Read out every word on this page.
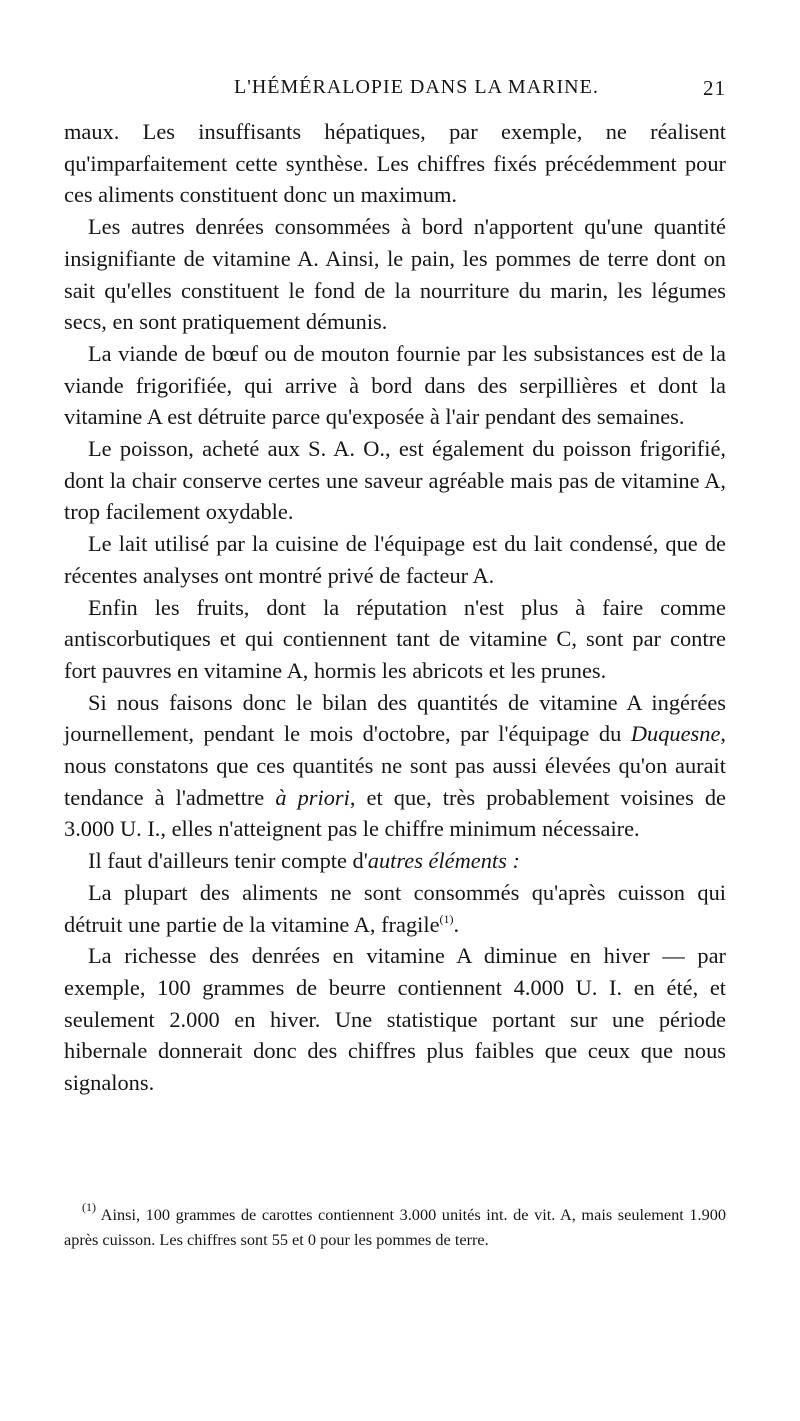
L'HÉMÉRALOPIE DANS LA MARINE.	21

maux. Les insuffisants hépatiques, par exemple, ne réalisent qu'imparfaitement cette synthèse. Les chiffres fixés précédemment pour ces aliments constituent donc un maximum.

Les autres denrées consommées à bord n'apportent qu'une quantité insignifiante de vitamine A. Ainsi, le pain, les pommes de terre dont on sait qu'elles constituent le fond de la nourriture du marin, les légumes secs, en sont pratiquement démunis.

La viande de bœuf ou de mouton fournie par les subsistances est de la viande frigorifiée, qui arrive à bord dans des serpillières et dont la vitamine A est détruite parce qu'exposée à l'air pendant des semaines.

Le poisson, acheté aux S. A. O., est également du poisson frigorifié, dont la chair conserve certes une saveur agréable mais pas de vitamine A, trop facilement oxydable.

Le lait utilisé par la cuisine de l'équipage est du lait condensé, que de récentes analyses ont montré privé de facteur A.

Enfin les fruits, dont la réputation n'est plus à faire comme antiscorbutiques et qui contiennent tant de vitamine C, sont par contre fort pauvres en vitamine A, hormis les abricots et les prunes.

Si nous faisons donc le bilan des quantités de vitamine A ingérées journellement, pendant le mois d'octobre, par l'équipage du Duquesne, nous constatons que ces quantités ne sont pas aussi élevées qu'on aurait tendance à l'admettre à priori, et que, très probablement voisines de 3.000 U. I., elles n'atteignent pas le chiffre minimum nécessaire.

Il faut d'ailleurs tenir compte d'autres éléments :

La plupart des aliments ne sont consommés qu'après cuisson qui détruit une partie de la vitamine A, fragile$^{(1)}$.

La richesse des denrées en vitamine A diminue en hiver — par exemple, 100 grammes de beurre contiennent 4.000 U. I. en été, et seulement 2.000 en hiver. Une statistique portant sur une période hibernale donnerait donc des chiffres plus faibles que ceux que nous signalons.

$^{(1)}$ Ainsi, 100 grammes de carottes contiennent 3.000 unités int. de vit. A, mais seulement 1.900 après cuisson. Les chiffres sont 55 et 0 pour les pommes de terre.
